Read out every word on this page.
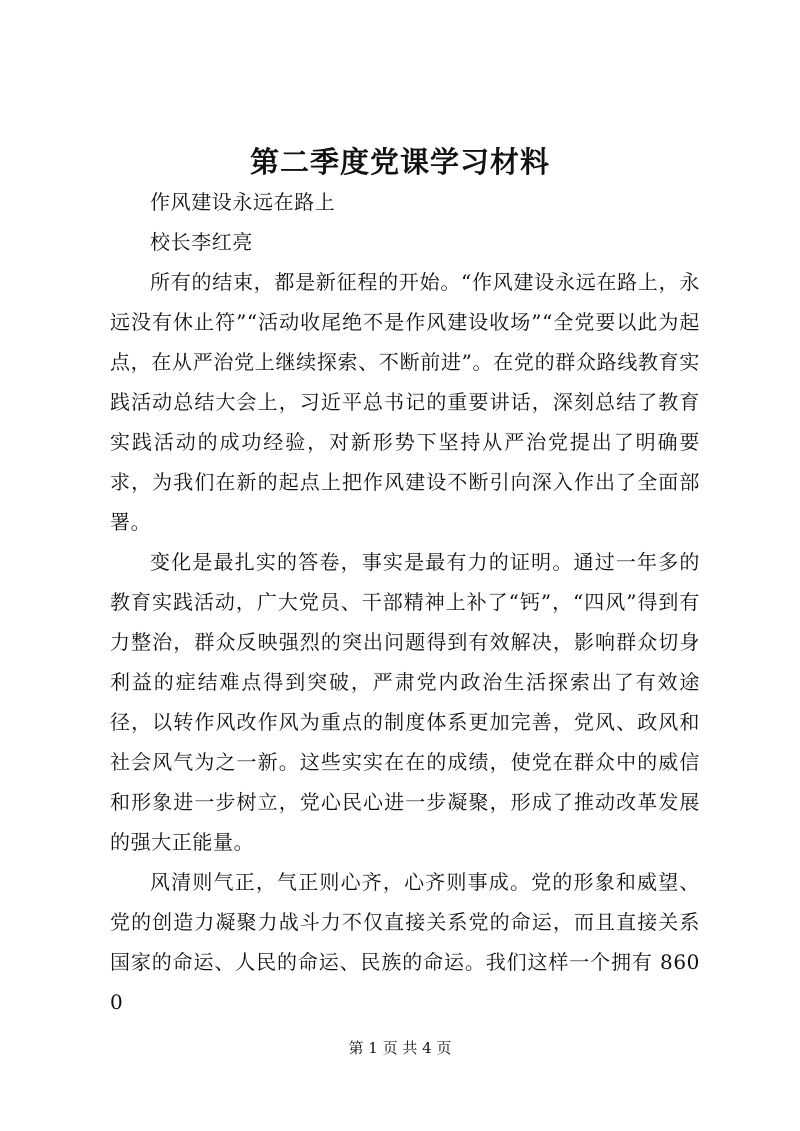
第二季度党课学习材料

作风建设永远在路上

校长李红亮

所有的结束，都是新征程的开始。“作风建设永远在路上，永远没有休止符”“活动收尾绝不是作风建设收场”“全党要以此为起点，在从严治党上继续探索、不断前进”。在党的群众路线教育实践活动总结大会上，习近平总书记的重要讲话，深刻总结了教育实践活动的成功经验，对新形势下坚持从严治党提出了明确要求，为我们在新的起点上把作风建设不断引向深入作出了全面部署。

变化是最扎实的答卷，事实是最有力的证明。通过一年多的教育实践活动，广大党员、干部精神上补了“钙”，“四风”得到有力整治，群众反映强烈的突出问题得到有效解决，影响群众切身利益的症结难点得到突破，严肃党内政治生活探索出了有效途径，以转作风改作风为重点的制度体系更加完善，党风、政风和社会风气为之一新。这些实实在在的成绩，使党在群众中的威信和形象进一步树立，党心民心进一步凝聚，形成了推动改革发展的强大正能量。

风清则气正，气正则心齐，心齐则事成。党的形象和威望、党的创造力凝聚力战斗力不仅直接关系党的命运，而且直接关系国家的命运、人民的命运、民族的命运。我们这样一个拥有 8600

第 1 页 共 4 页
